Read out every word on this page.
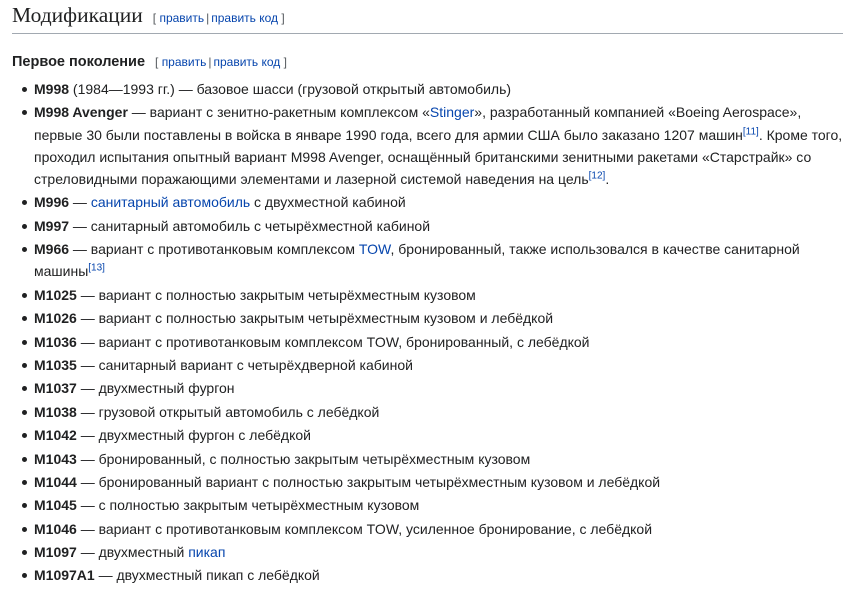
Модификации [ править | править код ]
Первое поколение [ править | править код ]
M998 (1984—1993 гг.) — базовое шасси (грузовой открытый автомобиль)
M998 Avenger — вариант с зенитно-ракетным комплексом «Stinger», разработанный компанией «Boeing Aerospace», первые 30 были поставлены в войска в январе 1990 года, всего для армии США было заказано 1207 машин[11]. Кроме того, проходил испытания опытный вариант M998 Avenger, оснащённый британскими зенитными ракетами «Старстрайк» со стреловидными поражающими элементами и лазерной системой наведения на цель[12].
M996 — санитарный автомобиль с двухместной кабиной
M997 — санитарный автомобиль с четырёхместной кабиной
M966 — вариант с противотанковым комплексом TOW, бронированный, также использовался в качестве санитарной машины[13]
M1025 — вариант с полностью закрытым четырёхместным кузовом
M1026 — вариант с полностью закрытым четырёхместным кузовом и лебёдкой
M1036 — вариант с противотанковым комплексом TOW, бронированный, с лебёдкой
M1035 — санитарный вариант с четырёхдверной кабиной
M1037 — двухместный фургон
M1038 — грузовой открытый автомобиль с лебёдкой
M1042 — двухместный фургон с лебёдкой
M1043 — бронированный, с полностью закрытым четырёхместным кузовом
M1044 — бронированный вариант с полностью закрытым четырёхместным кузовом и лебёдкой
M1045 — с полностью закрытым четырёхместным кузовом
M1046 — вариант с противотанковым комплексом TOW, усиленное бронирование, с лебёдкой
M1097 — двухместный пикап
M1097A1 — двухместный пикап с лебёдкой
